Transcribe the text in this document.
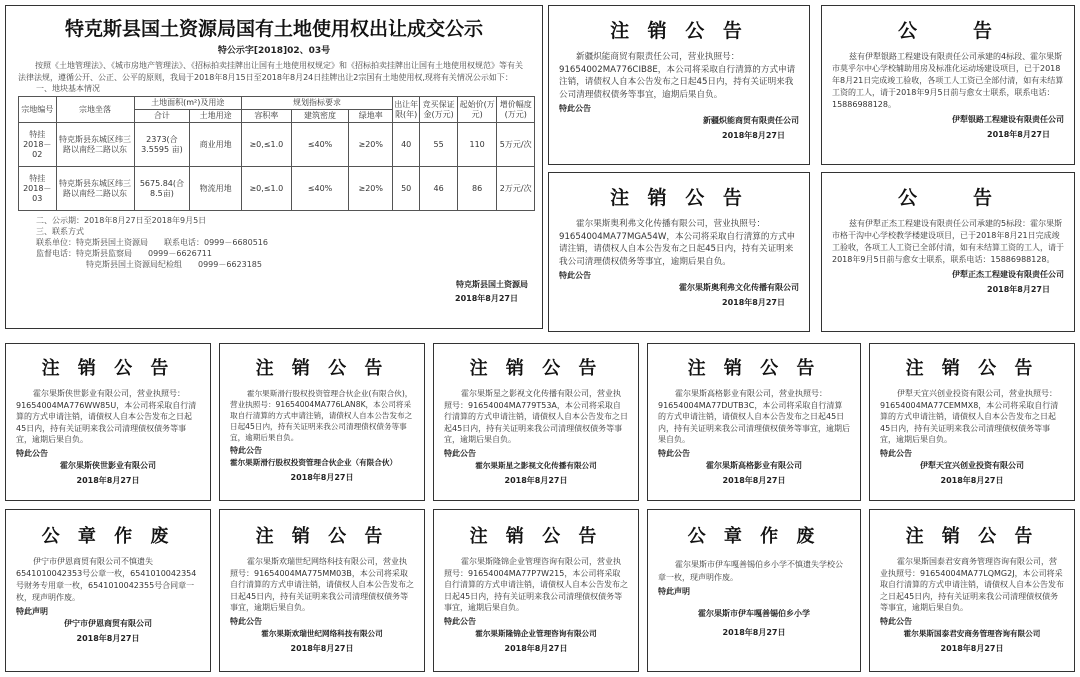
特克斯县国土资源局国有土地使用权出让成交公示
特公示字[2018]02、03号
按照《土地管理法》、《城市房地产管理法》、《招标拍卖挂牌出让国有土地使用权规定》和《招标拍卖挂牌出让国有土地使用权规范》等有关法律法规，遵循公开、公正、公平的原则，我局于2018年8月15日至2018年8月24日挂牌出让2宗国有土地使用权,现将有关情况公示如下：
一、地块基本情况
宗地编号	宗地坐落	土地面积(m²)及用途		规划指标要求			出让年限(年)	竞买保证金(万元)	起始价(万元)	增价幅度(万元)
		合计	土地用途	容积率	建筑密度	绿地率				
特挂2018－02	特克斯县东城区纬三路以南经二路以东	2373(合3.5595 亩)	商业用地	≥0,≤1.0	≤40%	≥20%	40	55	110	5万元/次
特挂2018－03	特克斯县东城区纬三路以南经二路以东	5675.84(合8.5亩)	物流用地	≥0,≤1.0	≤40%	≥20%	50	46	86	2万元/次
二、公示期：2018年8月27日至2018年9月5日
三、联系方式
联系单位：特克斯县国土资源局　　联系电话：0999－6680516
监督电话：特克斯县监察局　　0999－6626711
特克斯县国土资源局纪检组　　0999－6623185
特克斯县国土资源局
2018年8月27日
注 销 公 告
新疆炽能商贸有限责任公司，营业执照号：91654002MA776CIB8E，本公司将采取自行清算的方式申请注销，请债权人自本公告发布之日起45日内，持有关证明来我公司清理债权债务等事宜，逾期后果自负。
特此公告
新疆炽能商贸有限责任公司
2018年8月27日
公　　告
兹有伊犁银路工程建设有限责任公司承建的4标段、霍尔果斯市莫乎尔中心学校辅助用房及标准化运动场建设项目，已于2018年8月21日完成竣工验收，各项工人工资已全部付清，如有未结算工资的工人，请于2018年9月5日前与愈女士联系，联系电话：15886988128。
伊犁银路工程建设有限责任公司
2018年8月27日
注 销 公 告
霍尔果斯奥利弗文化传播有限公司，营业执照号：91654004MA77MGA54W，本公司将采取自行清算的方式申请注销，请债权人自本公告发布之日起45日内，持有关证明来我公司清理债权债务等事宜，逾期后果自负。
特此公告
霍尔果斯奥利弗文化传播有限公司
2018年8月27日
公　　告
兹有伊犁正杰工程建设有限责任公司承建的5标段：霍尔果斯市格干沟中心学校教学楼建设项目，已于2018年8月21日完成竣工验收，各项工人工资已全部付清，如有未结算工资的工人，请于2018年9月5日前与愈女士联系，联系电话：15886988128。
伊犁正杰工程建设有限责任公司
2018年8月27日
注 销 公 告
霍尔果斯侠世影业有限公司，营业执照号：91654004MA776WW85U，本公司将采取自行清算的方式申请注销，请债权人自本公告发布之日起45日内，持有关证明来我公司清理债权债务等事宜，逾期后果自负。
特此公告
霍尔果斯侠世影业有限公司
2018年8月27日
注 销 公 告
霍尔果斯滑行股权投资管理合伙企业(有限合伙)，营业执照号：91654004MA776LAN8K，本公司将采取自行清算的方式申请注销，请债权人自本公告发布之日起45日内，持有关证明来我公司清理债权债务等事宜，逾期后果自负。
特此公告
霍尔果斯滑行股权投资管理合伙企业（有限合伙）
2018年8月27日
注 销 公 告
霍尔果斯星之影视文化传播有限公司，营业执照号：91654004MA779T53A，本公司将采取自行清算的方式申请注销，请债权人自本公告发布之日起45日内，持有关证明来我公司清理债权债务等事宜，逾期后果自负。
特此公告
霍尔果斯星之影视文化传播有限公司
2018年8月27日
注 销 公 告
霍尔果斯高格影业有限公司，营业执照号：91654004MA77DUTB3C，本公司将采取自行清算的方式申请注销，请债权人自本公告发布之日起45日内，持有关证明来我公司清理债权债务等事宜，逾期后果自负。
特此公告
霍尔果斯高格影业有限公司
2018年8月27日
注 销 公 告
伊犁天宜兴创业投资有限公司，营业执照号：91654004MA77CEMMX8，本公司将采取自行清算的方式申请注销，请债权人自本公告发布之日起45日内，持有关证明来我公司清理债权债务等事宜，逾期后果自负。
特此公告
伊犁天宜兴创业投资有限公司
2018年8月27日
公 章 作 废
伊宁市伊恩商贸有限公司不慎遗失6541010042353号公章一枚，6541010042354号财务专用章一枚，6541010042355号合同章一枚，现声明作废。
特此声明
伊宁市伊恩商贸有限公司
2018年8月27日
注 销 公 告
霍尔果斯欢瑞世纪网络科技有限公司，营业执照号：91654004MA775MM03B，本公司将采取自行清算的方式申请注销，请债权人自本公告发布之日起45日内，持有关证明来我公司清理债权债务等事宜，逾期后果自负。
特此公告
霍尔果斯欢瑞世纪网络科技有限公司
2018年8月27日
注 销 公 告
霍尔果斯隆锦企业管理咨询有限公司，营业执照号：91654004MA77P7W215，本公司将采取自行清算的方式申请注销，请债权人自本公告发布之日起45日内，持有关证明来我公司清理债权债务等事宜，逾期后果自负。
特此公告
霍尔果斯隆锦企业管理咨询有限公司
2018年8月27日
公 章 作 废
霍尔果斯市伊车嘎善锡伯乡小学不慎遗失学校公章一枚，现声明作废。
特此声明
霍尔果斯市伊车嘎善锡伯乡小学
2018年8月27日
注 销 公 告
霍尔果斯国泰君安商务管理咨询有限公司，营业执照号：91654004MA77LQMG2J，本公司将采取自行清算的方式申请注销，请债权人自本公告发布之日起45日内，持有关证明来我公司清理债权债务等事宜，逾期后果自负。
特此公告
霍尔果斯国泰君安商务管理咨询有限公司
2018年8月27日
